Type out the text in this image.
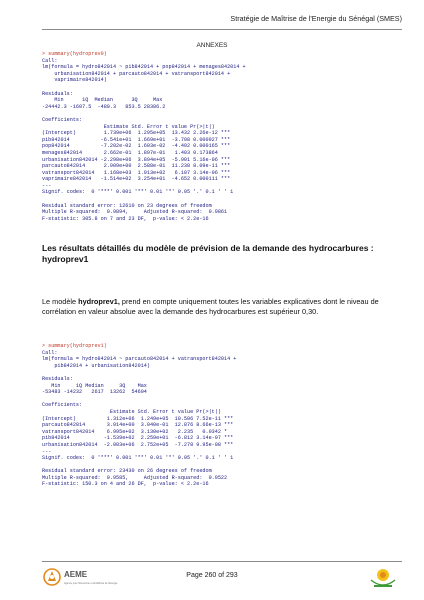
Stratégie de Maîtrise de l'Energie du Sénégal (SMES)
ANNEXES
> summary(hydroprev0)
Call:
lm(formula = hydro842014 ~ pib842014 + pop842014 + menages842014 +
urbanisation842014 + parcauto842014 + vatransport842014 +
vaprimaire842014)

Residuals:
Min      1Q  Median      3Q     Max
-24442.3 -1607.5  -480.3   853.5 28386.2

Coefficients:
Estimate Std. Error t value Pr(>|t|)
(Intercept)         1.739e+06  1.295e+05  13.432 2.26e-12 ***
pib842014          -6.541e+01  1.669e+01  -3.798 0.000927 ***
pop842014          -7.202e-02  1.603e-02  -4.492 0.000165 ***
menages842014       2.662e-01  1.897e-01   1.403 0.173864
urbanisation842014 -2.298e+06  3.894e+05  -5.901 5.16e-06 ***
parcauto842014      2.909e+00  2.588e-01  11.238 8.09e-11 ***
vatransport842014   1.168e+03  1.913e+02   6.107 3.14e-06 ***
vaprimaire842014   -1.514e+02  3.254e+01  -4.652 0.000111 ***
---
Signif. codes:  0 '***' 0.001 '**' 0.01 '*' 0.05 '.' 0.1 ' ' 1

Residual standard error: 12610 on 23 degrees of freedom
Multiple R-squared:  0.9894,     Adjusted R-squared:  0.9861
F-statistic: 305.8 on 7 and 23 DF,  p-value: < 2.2e-16
Les résultats détaillés du modèle de prévision de la demande des hydrocarbures : hydroprev1
Le modèle hydroprev1, prend en compte uniquement toutes les variables explicatives dont le niveau de corrélation en valeur absolue avec la demande des hydrocarbures est supérieur 0,30.
> summary(hydroprev1)
Call:
lm(formula = hydro842014 ~ parcauto842014 + vatransport842014 +
pib842014 + urbanisation842014)

Residuals:
Min     1Q Median     3Q    Max
-53483 -14232   2617  13262  54604

Coefficients:
Estimate Std. Error t value Pr(>|t|)
(Intercept)          1.312e+06  1.249e+05  10.506 7.52e-11 ***
parcauto842014       3.914e+00  3.040e-01  12.876 8.66e-13 ***
vatransport842014    6.995e+02  3.130e+02   2.235   0.0342 *
pib842014           -1.539e+02  2.259e+01  -6.812 3.14e-07 ***
urbanisation842014  -2.003e+06  2.752e+05  -7.278 9.95e-08 ***
---
Signif. codes:  0 '***' 0.001 '**' 0.01 '*' 0.05 '.' 0.1 ' ' 1

Residual standard error: 23430 on 26 degrees of freedom
Multiple R-squared:  0.9585,     Adjusted R-squared:  0.9522
F-statistic: 150.3 on 4 and 26 DF,  p-value: < 2.2e-16
AEME
Agence pour l'Economie et la Maîtrise de l'Energie
Page 260 of 293
